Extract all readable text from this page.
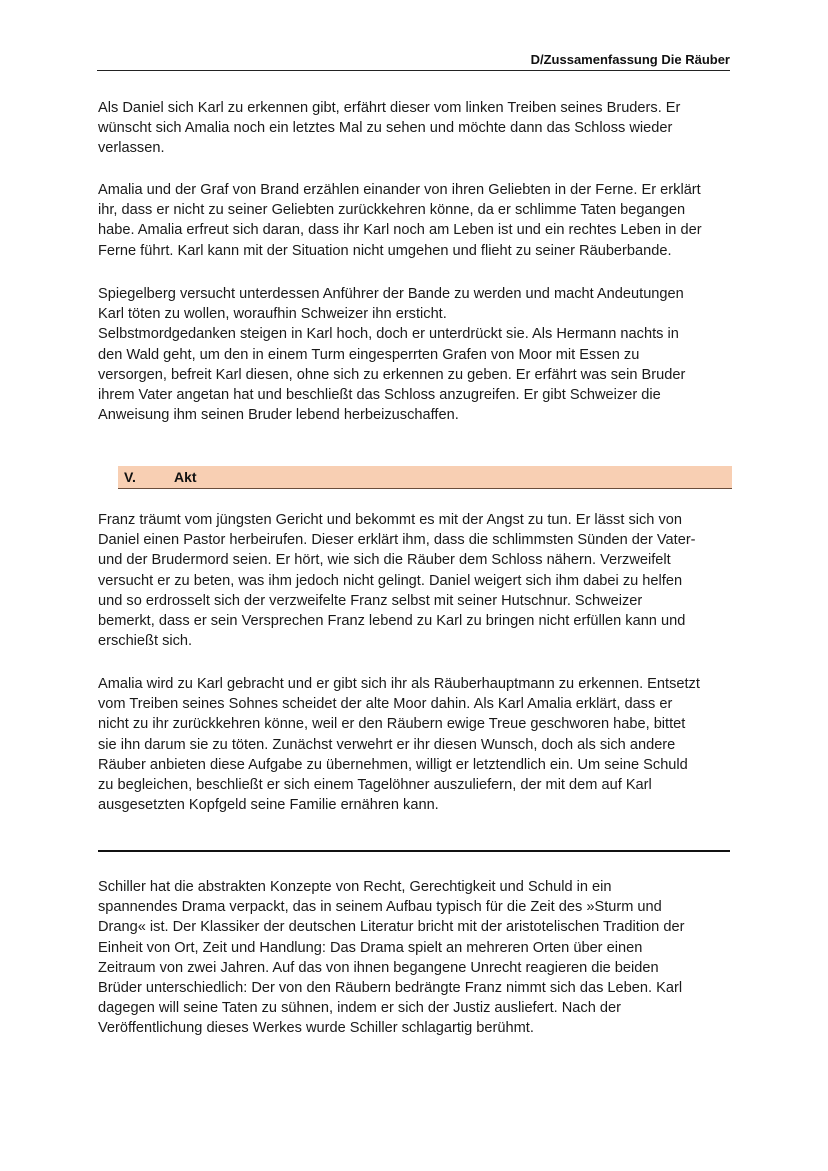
D/Zussamenfassung Die Räuber

Als Daniel sich Karl zu erkennen gibt, erfährt dieser vom linken Treiben seines Bruders. Er
wünscht sich Amalia noch ein letztes Mal zu sehen und möchte dann das Schloss wieder
verlassen.

Amalia und der Graf von Brand erzählen einander von ihren Geliebten in der Ferne. Er erklärt
ihr, dass er nicht zu seiner Geliebten zurückkehren könne, da er schlimme Taten begangen
habe. Amalia erfreut sich daran, dass ihr Karl noch am Leben ist und ein rechtes Leben in der
Ferne führt. Karl kann mit der Situation nicht umgehen und flieht zu seiner Räuberbande.

Spiegelberg versucht unterdessen Anführer der Bande zu werden und macht Andeutungen
Karl töten zu wollen, woraufhin Schweizer ihn ersticht.
Selbstmordgedanken steigen in Karl hoch, doch er unterdrückt sie. Als Hermann nachts in
den Wald geht, um den in einem Turm eingesperrten Grafen von Moor mit Essen zu
versorgen, befreit Karl diesen, ohne sich zu erkennen zu geben. Er erfährt was sein Bruder
ihrem Vater angetan hat und beschließt das Schloss anzugreifen. Er gibt Schweizer die
Anweisung ihm seinen Bruder lebend herbeizuschaffen.

V.	Akt

Franz träumt vom jüngsten Gericht und bekommt es mit der Angst zu tun. Er lässt sich von
Daniel einen Pastor herbeirufen. Dieser erklärt ihm, dass die schlimmsten Sünden der Vater-
und der Brudermord seien. Er hört, wie sich die Räuber dem Schloss nähern. Verzweifelt
versucht er zu beten, was ihm jedoch nicht gelingt. Daniel weigert sich ihm dabei zu helfen
und so erdrosselt sich der verzweifelte Franz selbst mit seiner Hutschnur. Schweizer
bemerkt, dass er sein Versprechen Franz lebend zu Karl zu bringen nicht erfüllen kann und
erschießt sich.

Amalia wird zu Karl gebracht und er gibt sich ihr als Räuberhauptmann zu erkennen. Entsetzt
vom Treiben seines Sohnes scheidet der alte Moor dahin. Als Karl Amalia erklärt, dass er
nicht zu ihr zurückkehren könne, weil er den Räubern ewige Treue geschworen habe, bittet
sie ihn darum sie zu töten. Zunächst verwehrt er ihr diesen Wunsch, doch als sich andere
Räuber anbieten diese Aufgabe zu übernehmen, willigt er letztendlich ein. Um seine Schuld
zu begleichen, beschließt er sich einem Tagelöhner auszuliefern, der mit dem auf Karl
ausgesetzten Kopfgeld seine Familie ernähren kann.

Schiller hat die abstrakten Konzepte von Recht, Gerechtigkeit und Schuld in ein
spannendes Drama verpackt, das in seinem Aufbau typisch für die Zeit des »Sturm und
Drang« ist. Der Klassiker der deutschen Literatur bricht mit der aristotelischen Tradition der
Einheit von Ort, Zeit und Handlung: Das Drama spielt an mehreren Orten über einen
Zeitraum von zwei Jahren. Auf das von ihnen begangene Unrecht reagieren die beiden
Brüder unterschiedlich: Der von den Räubern bedrängte Franz nimmt sich das Leben. Karl
dagegen will seine Taten zu sühnen, indem er sich der Justiz ausliefert. Nach der
Veröffentlichung dieses Werkes wurde Schiller schlagartig berühmt.
